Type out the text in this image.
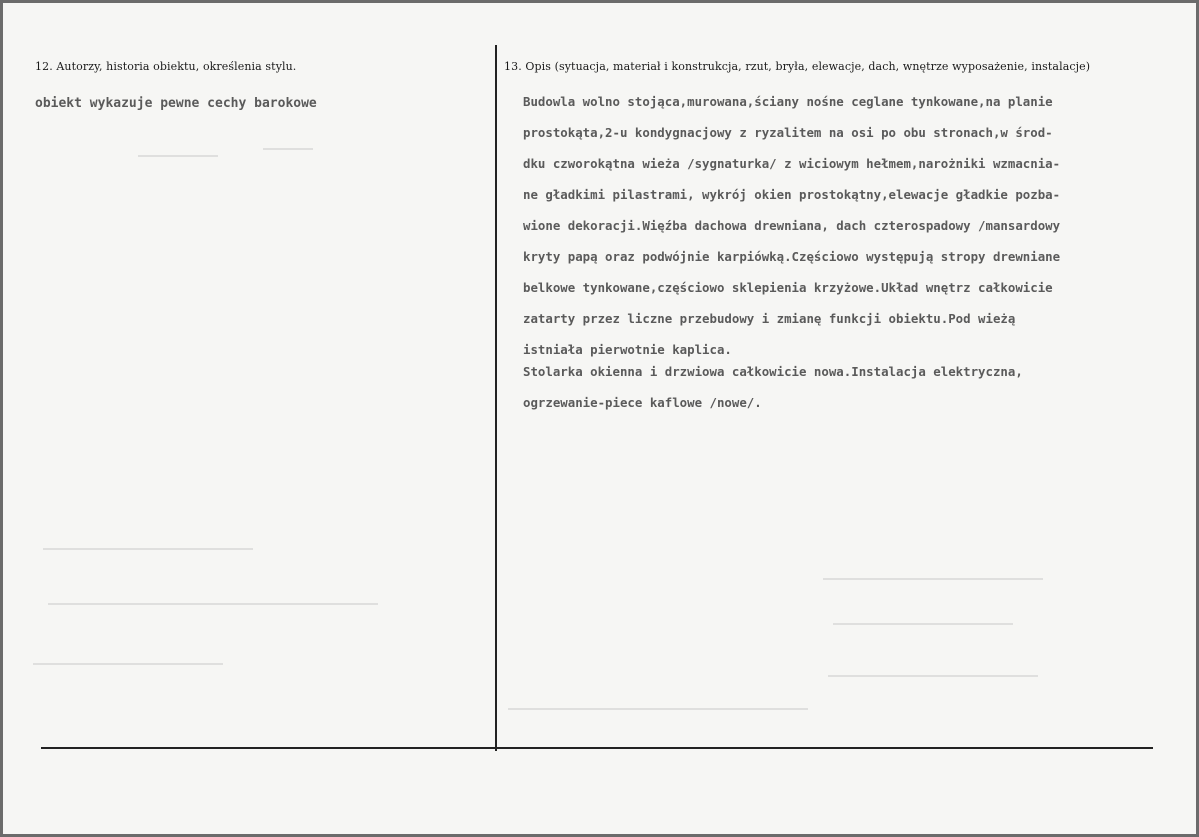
12. Autorzy, historia obiektu, określenia stylu.
obiekt wykazuje pewne cechy barokowe
13. Opis (sytuacja, materiał i konstrukcja, rzut, bryła, elewacje, dach, wnętrze wyposażenie, instalacje)
Budowla wolno stojąca,murowana,ściany nośne ceglane tynkowane,na planie
prostokąta,2-u kondygnacjowy z ryzalitem na osi po obu stronach,w środ-
dku czworokątna wieża /sygnaturka/ z wiciowym hełmem,narożniki wzmacnia-
ne gładkimi pilastrami, wykrój okien prostokątny,elewacje gładkie pozba-
wione dekoracji.Więźba dachowa drewniana, dach czterospadowy /mansardowy
kryty papą oraz podwójnie karpiówką.Częściowo występują stropy drewniane
belkowe tynkowane,częściowo sklepienia krzyżowe.Układ wnętrz całkowicie
zatarty przez liczne przebudowy i zmianę funkcji obiektu.Pod wieżą
istniała pierwotnie kaplica.
Stolarka okienna i drzwiowa całkowicie nowa.Instalacja elektryczna,
ogrzewanie-piece kaflowe /nowe/.
